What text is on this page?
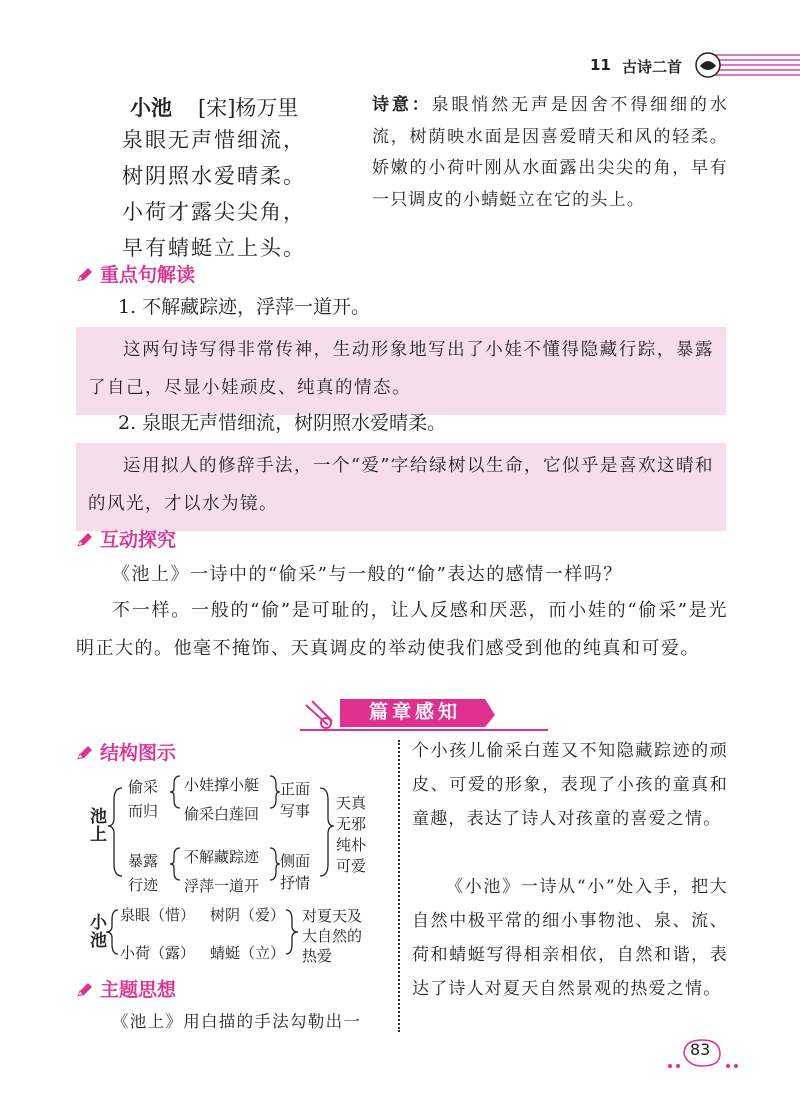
11 古诗二首
小池 [宋]杨万里
泉眼无声惜细流，
树阴照水爱晴柔。
小荷才露尖尖角，
早有蜻蜓立上头。
诗意：泉眼悄然无声是因舍不得细细的水流，树荫映水面是因喜爱晴天和风的轻柔。娇嫩的小荷叶刚从水面露出尖尖的角，早有一只调皮的小蜻蜓立在它的头上。
重点句解读
1. 不解藏踪迹，浮萍一道开。
这两句诗写得非常传神，生动形象地写出了小娃不懂得隐藏行踪，暴露了自己，尽显小娃顽皮、纯真的情态。
2. 泉眼无声惜细流，树阴照水爱晴柔。
运用拟人的修辞手法，一个“爱”字给绿树以生命，它似乎是喜欢这晴和的风光，才以水为镜。
互动探究
《池上》一诗中的“偷采”与一般的“偷”表达的感情一样吗？
不一样。一般的“偷”是可耻的，让人反感和厌恶，而小娃的“偷采”是光明正大的。他毫不掩饰、天真调皮的举动使我们感受到他的纯真和可爱。
篇章感知
结构图示
池上
偷采
而归
小娃撑小艇
偷采白莲回
正面
写事
暴露
行迹
不解藏踪迹
浮萍一道开
侧面
抒情
天真
无邪
纯朴
可爱
小池
泉眼（惜） 树阴（爱）
小荷（露） 蜻蜓（立）
对夏天及
大自然的
热爱
主题思想
《池上》用白描的手法勾勒出一
个小孩儿偷采白莲又不知隐藏踪迹的顽皮、可爱的形象，表现了小孩的童真和童趣，表达了诗人对孩童的喜爱之情。
《小池》一诗从“小”处入手，把大自然中极平常的细小事物池、泉、流、荷和蜻蜓写得相亲相依，自然和谐，表达了诗人对夏天自然景观的热爱之情。
83
